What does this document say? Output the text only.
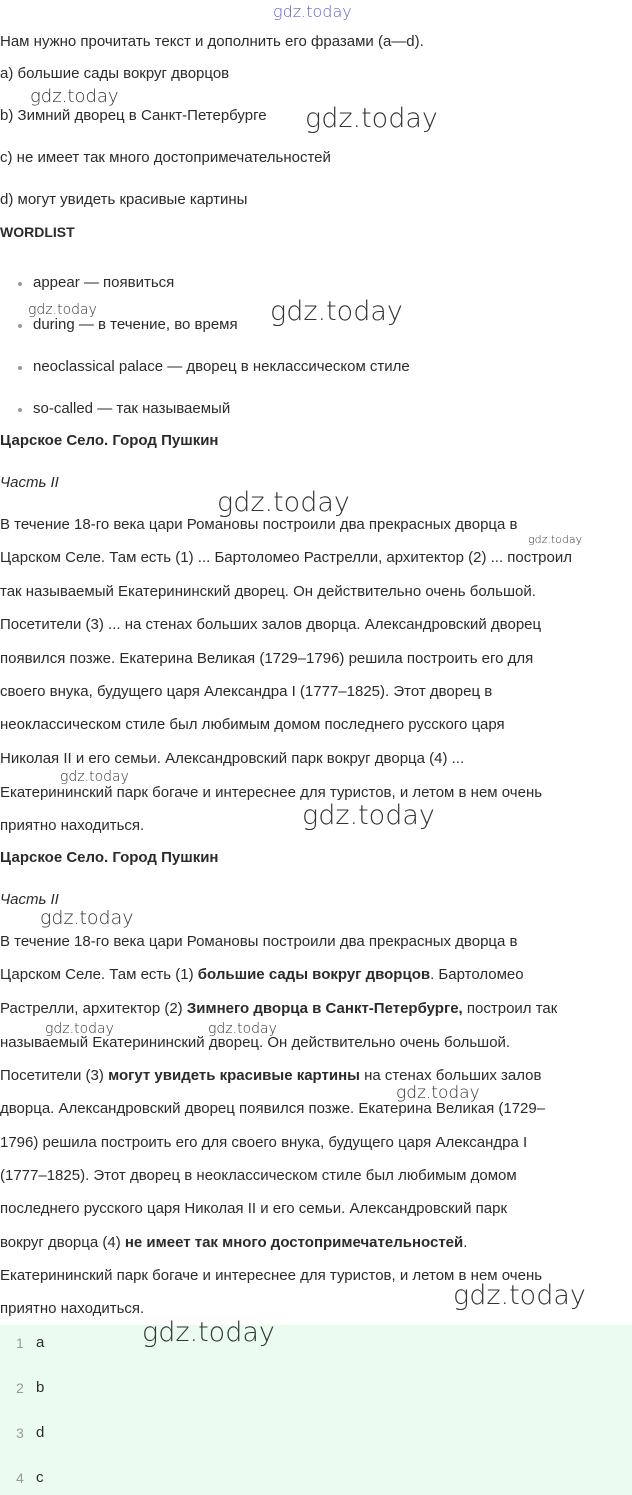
gdz.today
Нам нужно прочитать текст и дополнить его фразами (a—d).
a) большие сады вокруг дворцов
b) Зимний дворец в Санкт-Петербурге
c) не имеет так много достопримечательностей
d) могут увидеть красивые картины
WORDLIST
appear — появиться
during — в течение, во время
neoclassical palace — дворец в неклассическом стиле
so-called — так называемый
Царское Село. Город Пушкин
Часть II
В течение 18-го века цари Романовы построили два прекрасных дворца в
Царском Селе. Там есть (1) ... Бартоломео Растрелли, архитектор (2) ... построил
так называемый Екатерининский дворец. Он действительно очень большой.
Посетители (3) ... на стенах больших залов дворца. Александровский дворец
появился позже. Екатерина Великая (1729–1796) решила построить его для
своего внука, будущего царя Александра I (1777–1825). Этот дворец в
неоклассическом стиле был любимым домом последнего русского царя
Николая II и его семьи. Александровский парк вокруг дворца (4) ...
Екатерининский парк богаче и интереснее для туристов, и летом в нем очень
приятно находиться.
Царское Село. Город Пушкин
Часть II
В течение 18-го века цари Романовы построили два прекрасных дворца в
Царском Селе. Там есть (1) большие сады вокруг дворцов. Бартоломео
Растрелли, архитектор (2) Зимнего дворца в Санкт-Петербурге, построил так
называемый Екатерининский дворец. Он действительно очень большой.
Посетители (3) могут увидеть красивые картины на стенах больших залов
дворца. Александровский дворец появился позже. Екатерина Великая (1729–
1796) решила построить его для своего внука, будущего царя Александра I
(1777–1825). Этот дворец в неоклассическом стиле был любимым домом
последнего русского царя Николая II и его семьи. Александровский парк
вокруг дворца (4) не имеет так много достопримечательностей.
Екатерининский парк богаче и интереснее для туристов, и летом в нем очень
приятно находиться.
1 a
2 b
3 d
4 c
gdz.today
gdz.today
gdz.today	gdz.today
gdz.today
gdz.today
gdz.today
gdz.today
gdz.today
gdz.today	gdz.today
gdz.today
gdz.today
gdz.today
